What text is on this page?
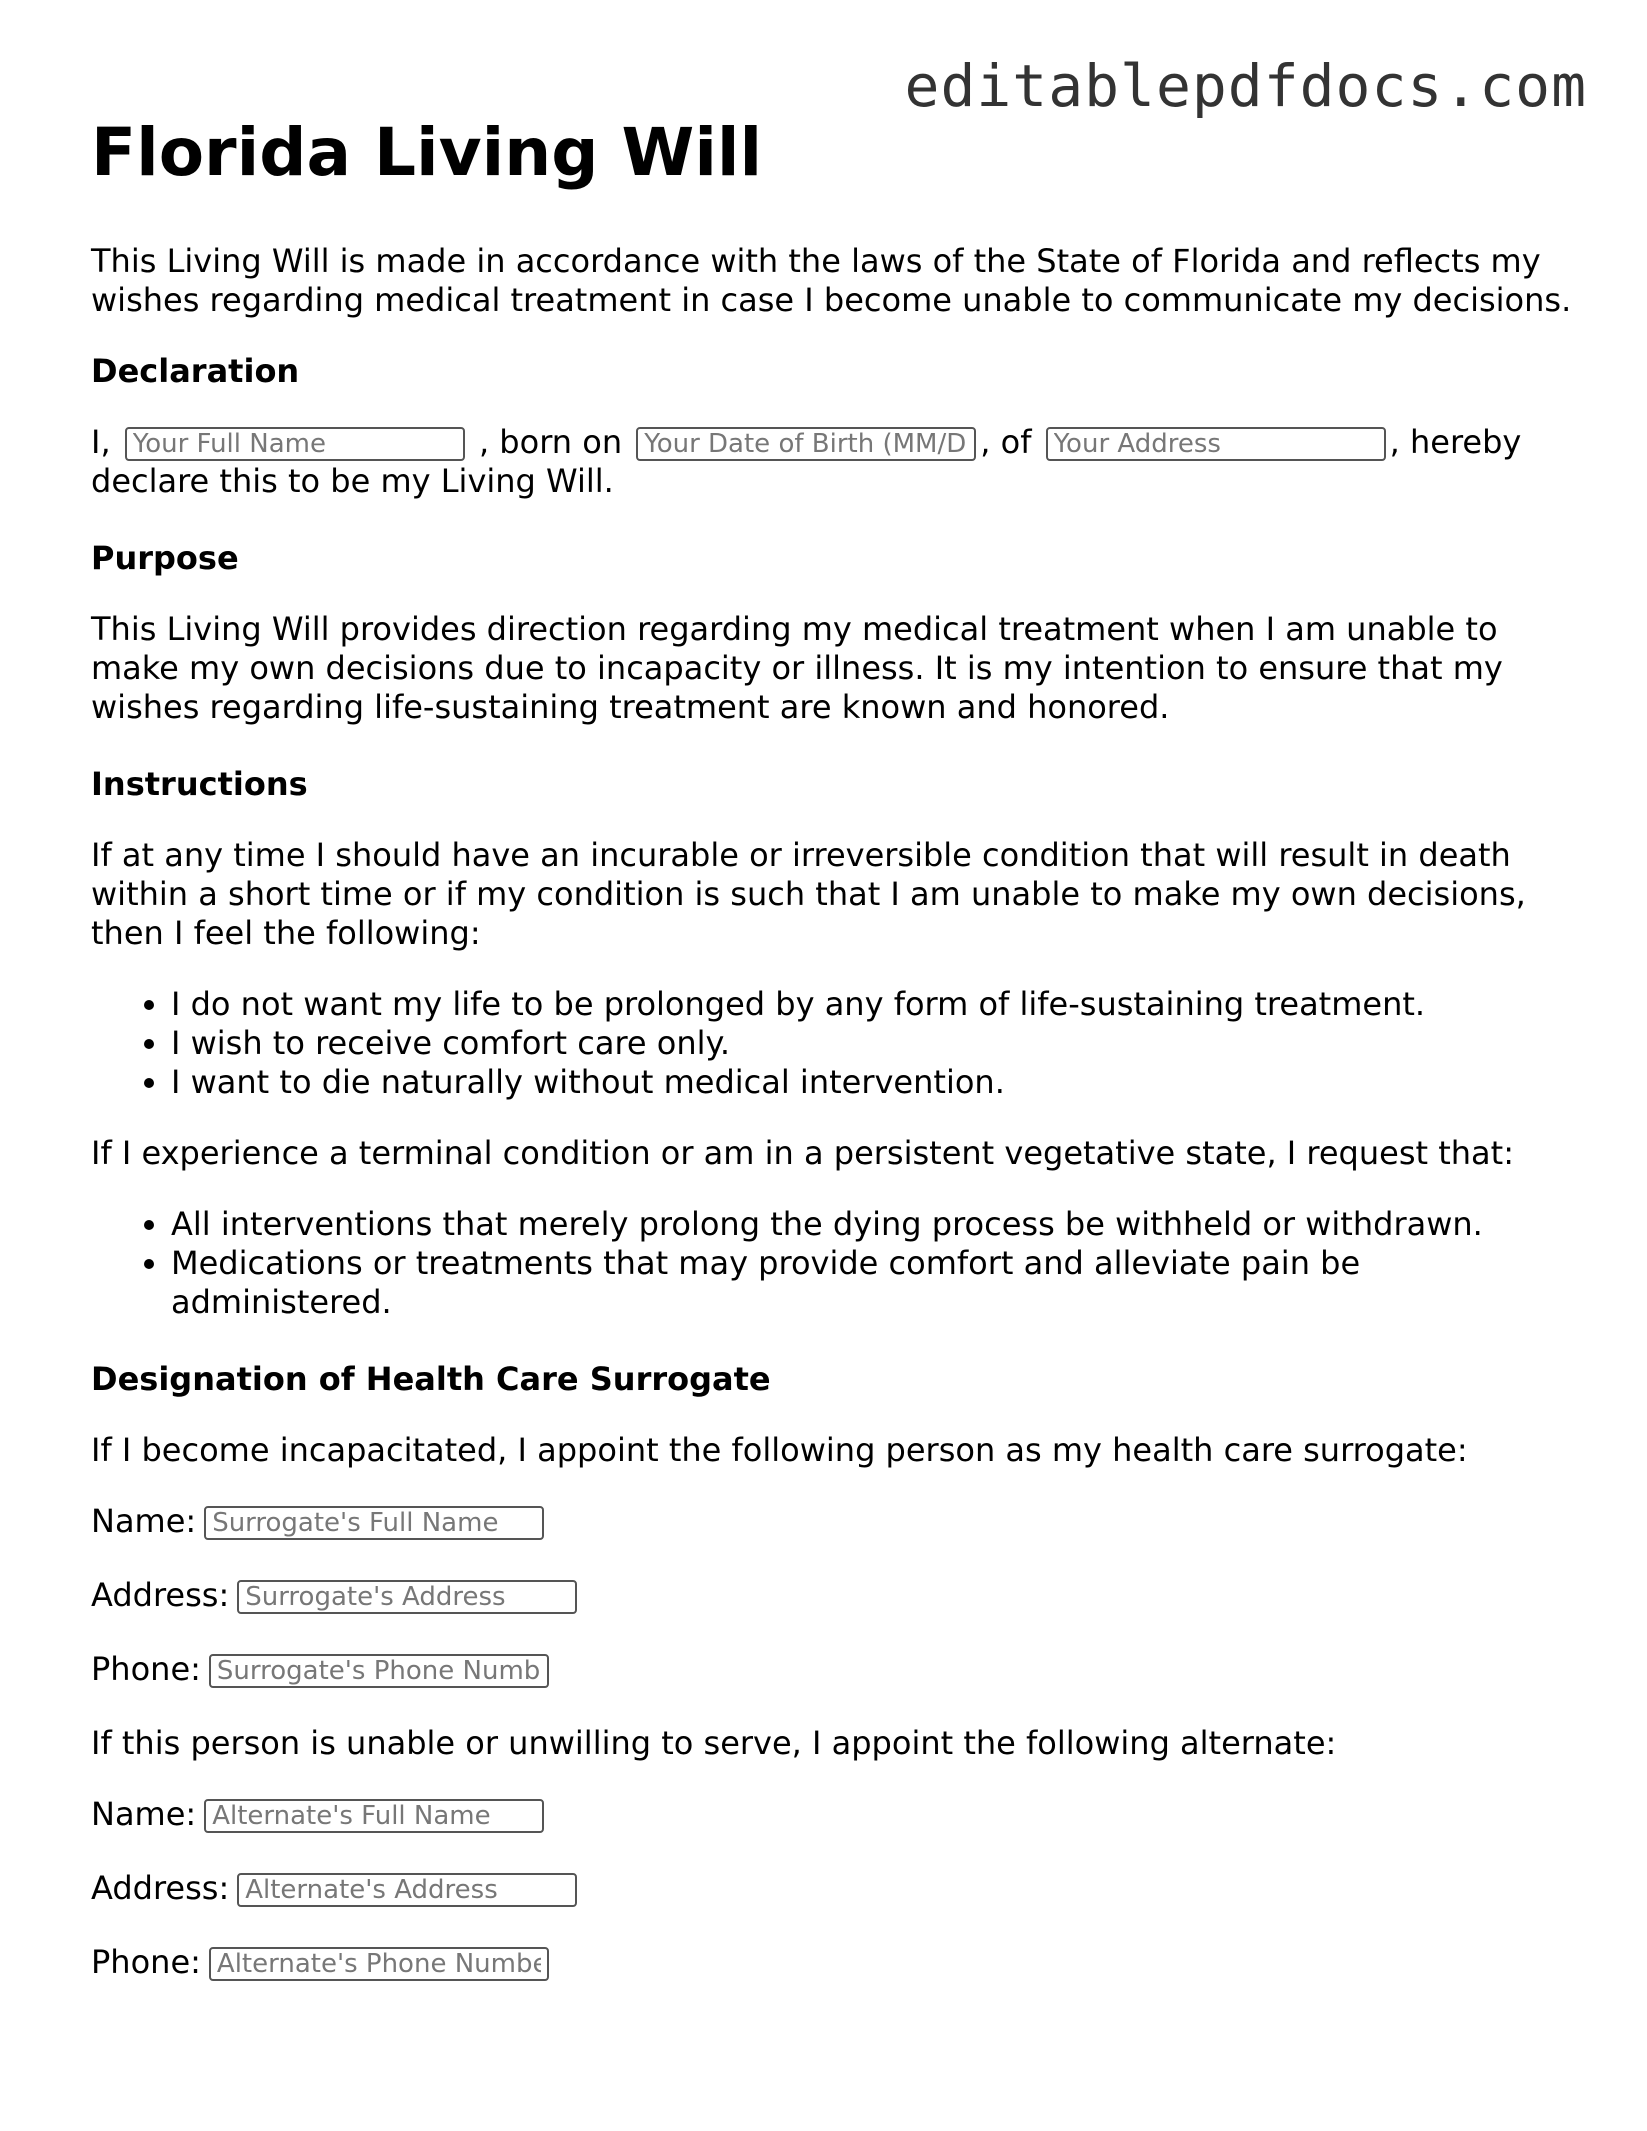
editablepdfdocs.com
Florida Living Will

This Living Will is made in accordance with the laws of the State of Florida and reflects my wishes regarding medical treatment in case I become unable to communicate my decisions.

Declaration

I, Your Full Name	, born on Your Date of Birth (MM/DD/YYYY)	, of Your Address	, hereby declare this to be my Living Will.

Purpose

This Living Will provides direction regarding my medical treatment when I am unable to make my own decisions due to incapacity or illness. It is my intention to ensure that my wishes regarding life-sustaining treatment are known and honored.

Instructions

If at any time I should have an incurable or irreversible condition that will result in death within a short time or if my condition is such that I am unable to make my own decisions, then I feel the following:

• I do not want my life to be prolonged by any form of life-sustaining treatment.
• I wish to receive comfort care only.
• I want to die naturally without medical intervention.

If I experience a terminal condition or am in a persistent vegetative state, I request that:

• All interventions that merely prolong the dying process be withheld or withdrawn.
• Medications or treatments that may provide comfort and alleviate pain be administered.
Designation of Health Care Surrogate

If I become incapacitated, I appoint the following person as my health care surrogate:

Name:Surrogate's Full Name
Address:Surrogate's Address
Phone:Surrogate's Phone Number

If this person is unable or unwilling to serve, I appoint the following alternate:

Name:Alternate's Full Name
Address:Alternate's Address
Phone:Alternate's Phone Number
